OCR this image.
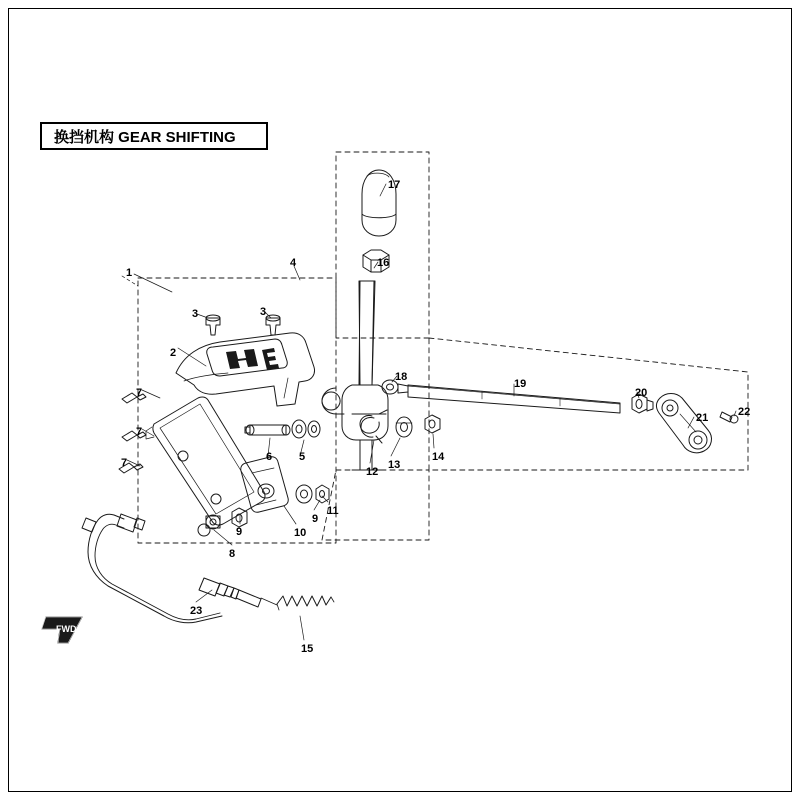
换挡机构 GEAR SHIFTING
FWD
1
2
3	3
4
5
6
7
7
7
8
9
9
10
11
12
13
14
15
16
17
18
19
20
21	22
23
